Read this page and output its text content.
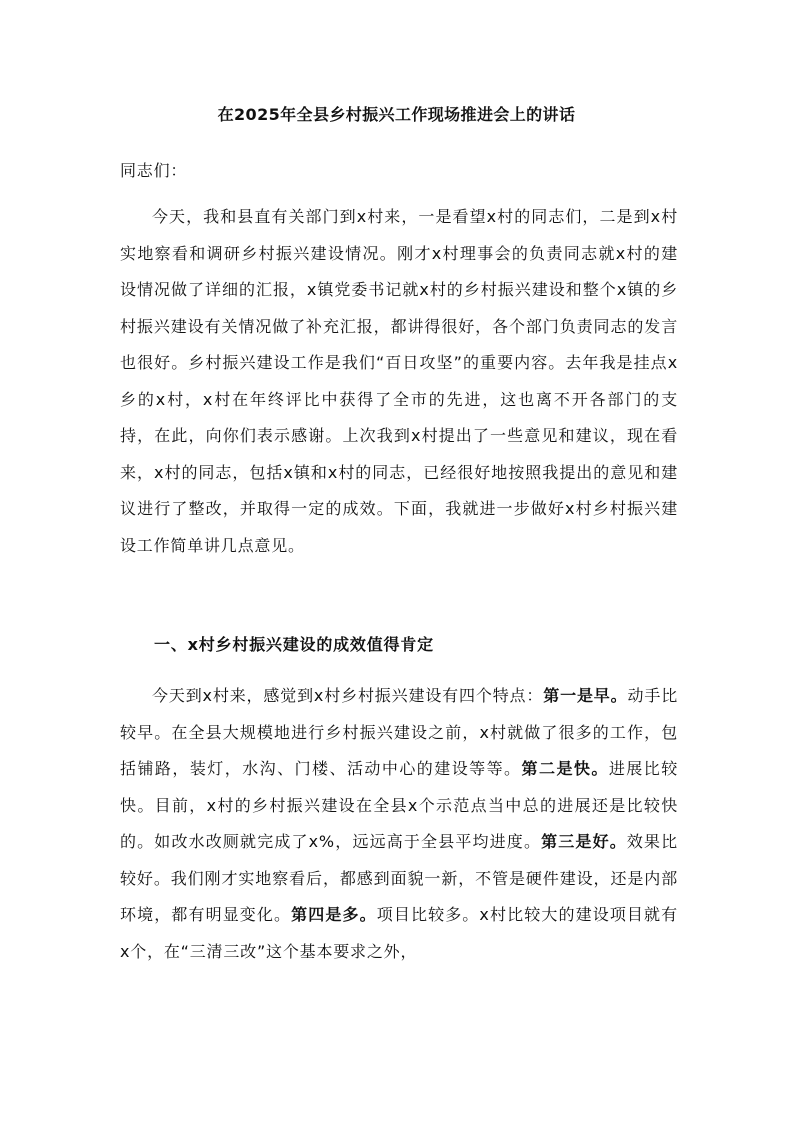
在2025年全县乡村振兴工作现场推进会上的讲话
同志们：

今天，我和县直有关部门到x村来，一是看望x村的同志们，二是到x村实地察看和调研乡村振兴建设情况。刚才x村理事会的负责同志就x村的建设情况做了详细的汇报，x镇党委书记就x村的乡村振兴建设和整个x镇的乡村振兴建设有关情况做了补充汇报，都讲得很好，各个部门负责同志的发言也很好。乡村振兴建设工作是我们“百日攻坚”的重要内容。去年我是挂点x乡的x村，x村在年终评比中获得了全市的先进，这也离不开各部门的支持，在此，向你们表示感谢。上次我到x村提出了一些意见和建议，现在看来，x村的同志，包括x镇和x村的同志，已经很好地按照我提出的意见和建议进行了整改，并取得一定的成效。下面，我就进一步做好x村乡村振兴建设工作简单讲几点意见。

一、x村乡村振兴建设的成效值得肯定

今天到x村来，感觉到x村乡村振兴建设有四个特点：第一是早。动手比较早。在全县大规模地进行乡村振兴建设之前，x村就做了很多的工作，包括铺路，装灯，水沟、门楼、活动中心的建设等等。第二是快。进展比较快。目前，x村的乡村振兴建设在全县x个示范点当中总的进展还是比较快的。如改水改厕就完成了x%，远远高于全县平均进度。第三是好。效果比较好。我们刚才实地察看后，都感到面貌一新，不管是硬件建设，还是内部环境，都有明显变化。第四是多。项目比较多。x村比较大的建设项目就有x个，在“三清三改”这个基本要求之外，
